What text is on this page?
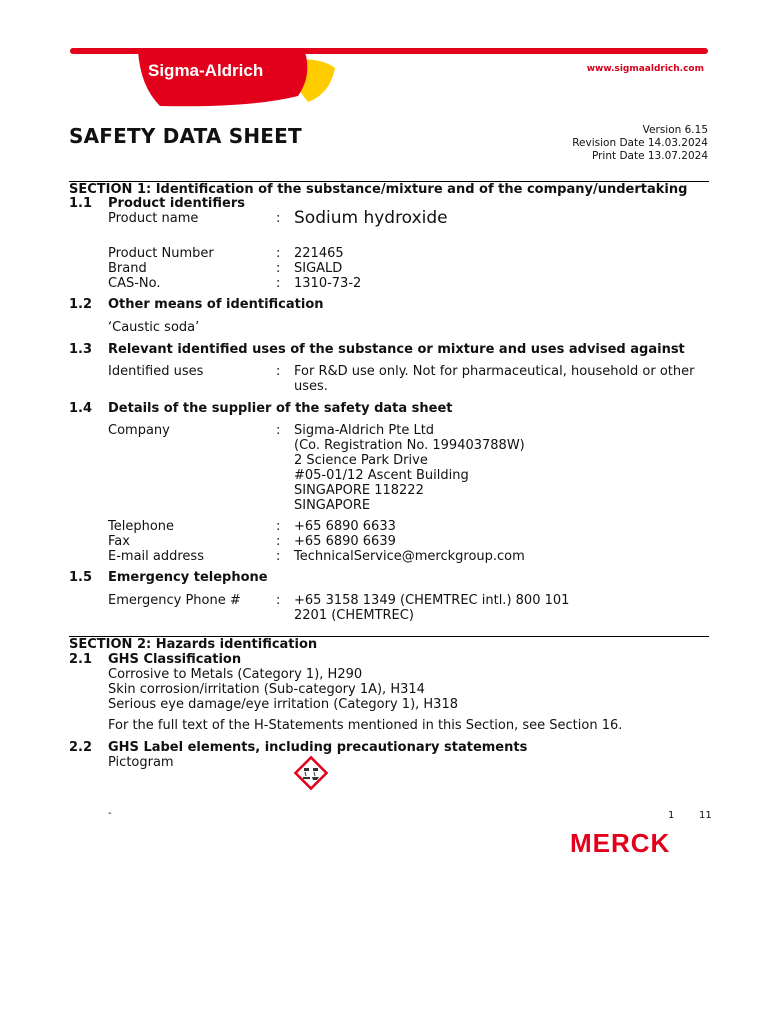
Sigma-Aldrich	www.sigmaaldrich.com
SAFETY DATA SHEET	Version 6.15
Revision Date 14.03.2024
Print Date 13.07.2024
SECTION 1: Identification of the substance/mixture and of the company/undertaking
1.1 Product identifiers
Product name	: Sodium hydroxide
Product Number	: 221465
Brand	: SIGALD
CAS-No.	: 1310-73-2
1.2 Other means of identification
‘Caustic soda’
1.3 Relevant identified uses of the substance or mixture and uses advised against
Identified uses	: For R&D use only. Not for pharmaceutical, household or other
uses.
1.4 Details of the supplier of the safety data sheet
Company	: Sigma-Aldrich Pte Ltd
(Co. Registration No. 199403788W)
2 Science Park Drive
#05-01/12 Ascent Building
SINGAPORE 118222
SINGAPORE
Telephone	: +65 6890 6633
Fax	: +65 6890 6639
E-mail address	: TechnicalService@merckgroup.com
1.5 Emergency telephone
Emergency Phone #	: +65 3158 1349 (CHEMTREC intl.) 800 101
2201 (CHEMTREC)
SECTION 2: Hazards identification
2.1 GHS Classification
Corrosive to Metals (Category 1), H290
Skin corrosion/irritation (Sub-category 1A), H314
Serious eye damage/eye irritation (Category 1), H318
For the full text of the H-Statements mentioned in this Section, see Section 16.
2.2 GHS Label elements, including precautionary statements
Pictogram
-	1 11
MERCK
